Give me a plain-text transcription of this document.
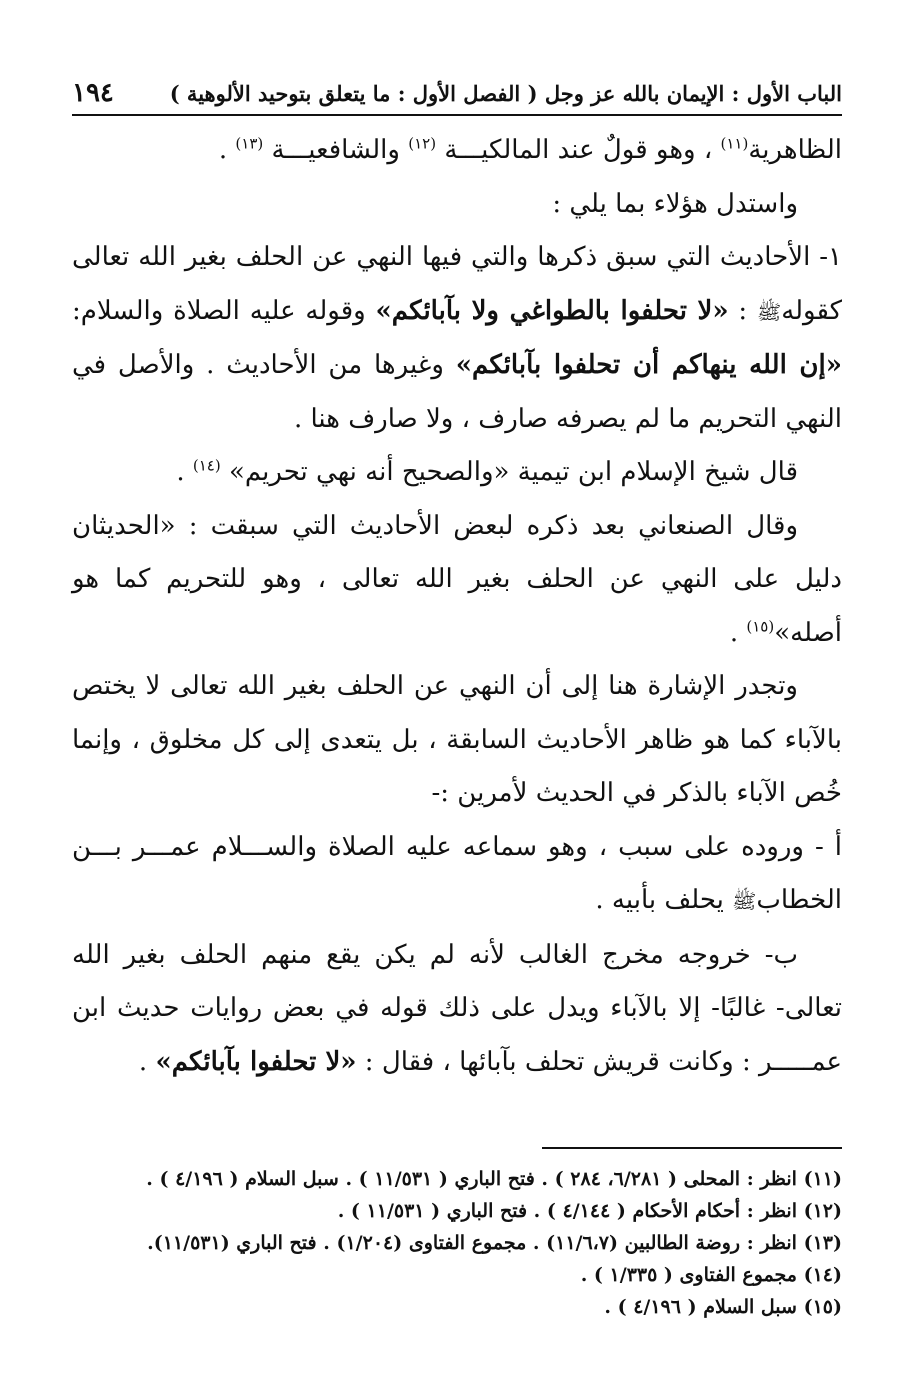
الباب الأول : الإيمان بالله عز وجل ( الفصل الأول : ما يتعلق بتوحيد الألوهية )
١٩٤

الظاهرية$^{(١١)}$ ، وهو قولٌ عند المالكيـــة $^{(١٢)}$ والشافعيـــة $^{(١٣)}$ .

واستدل هؤلاء بما يلي :

١- الأحاديث التي سبق ذكرها والتي فيها النهي عن الحلف بغير الله تعالى كقولهﷺ : «لا تحلفوا بالطواغي ولا بآبائكم» وقوله عليه الصلاة والسلام: «إن الله ينهاكم أن تحلفوا بآبائكم» وغيرها من الأحاديث . والأصل في النهي التحريم ما لم يصرفه صارف ، ولا صارف هنا .

قال شيخ الإسلام ابن تيمية «والصحيح أنه نهي تحريم» $^{(١٤)}$ .

وقال الصنعاني بعد ذكره لبعض الأحاديث التي سبقت : «الحديثان دليل على النهي عن الحلف بغير الله تعالى ، وهو للتحريم كما هو أصله»$^{(١٥)}$ .

وتجدر الإشارة هنا إلى أن النهي عن الحلف بغير الله تعالى لا يختص بالآباء كما هو ظاهر الأحاديث السابقة ، بل يتعدى إلى كل مخلوق ، وإنما خُص الآباء بالذكر في الحديث لأمرين :-

أ - وروده على سبب ، وهو سماعه عليه الصلاة والســـلام عمـــر بـــن الخطابﷺ يحلف بأبيه .

ب- خروجه مخرج الغالب لأنه لم يكن يقع منهم الحلف بغير الله تعالى- غالبًا- إلا بالآباء ويدل على ذلك قوله في بعض روايات حديث ابن عمـــــر : وكانت قريش تحلف بآبائها ، فقال : «لا تحلفوا بآبائكم» .

(١١) انظر : المحلى ( ٦/٢٨١، ٢٨٤ ) . فتح الباري ( ١١/٥٣١ ) . سبل السلام ( ٤/١٩٦ ) .
(١٢) انظر : أحكام الأحكام ( ٤/١٤٤ ) . فتح الباري ( ١١/٥٣١ ) .
(١٣) انظر : روضة الطالبين (١١/٦،٧) . مجموع الفتاوى (١/٢٠٤) . فتح الباري (١١/٥٣١).
(١٤) مجموع الفتاوى ( ١/٣٣٥ ) .
(١٥) سبل السلام ( ٤/١٩٦ ) .
